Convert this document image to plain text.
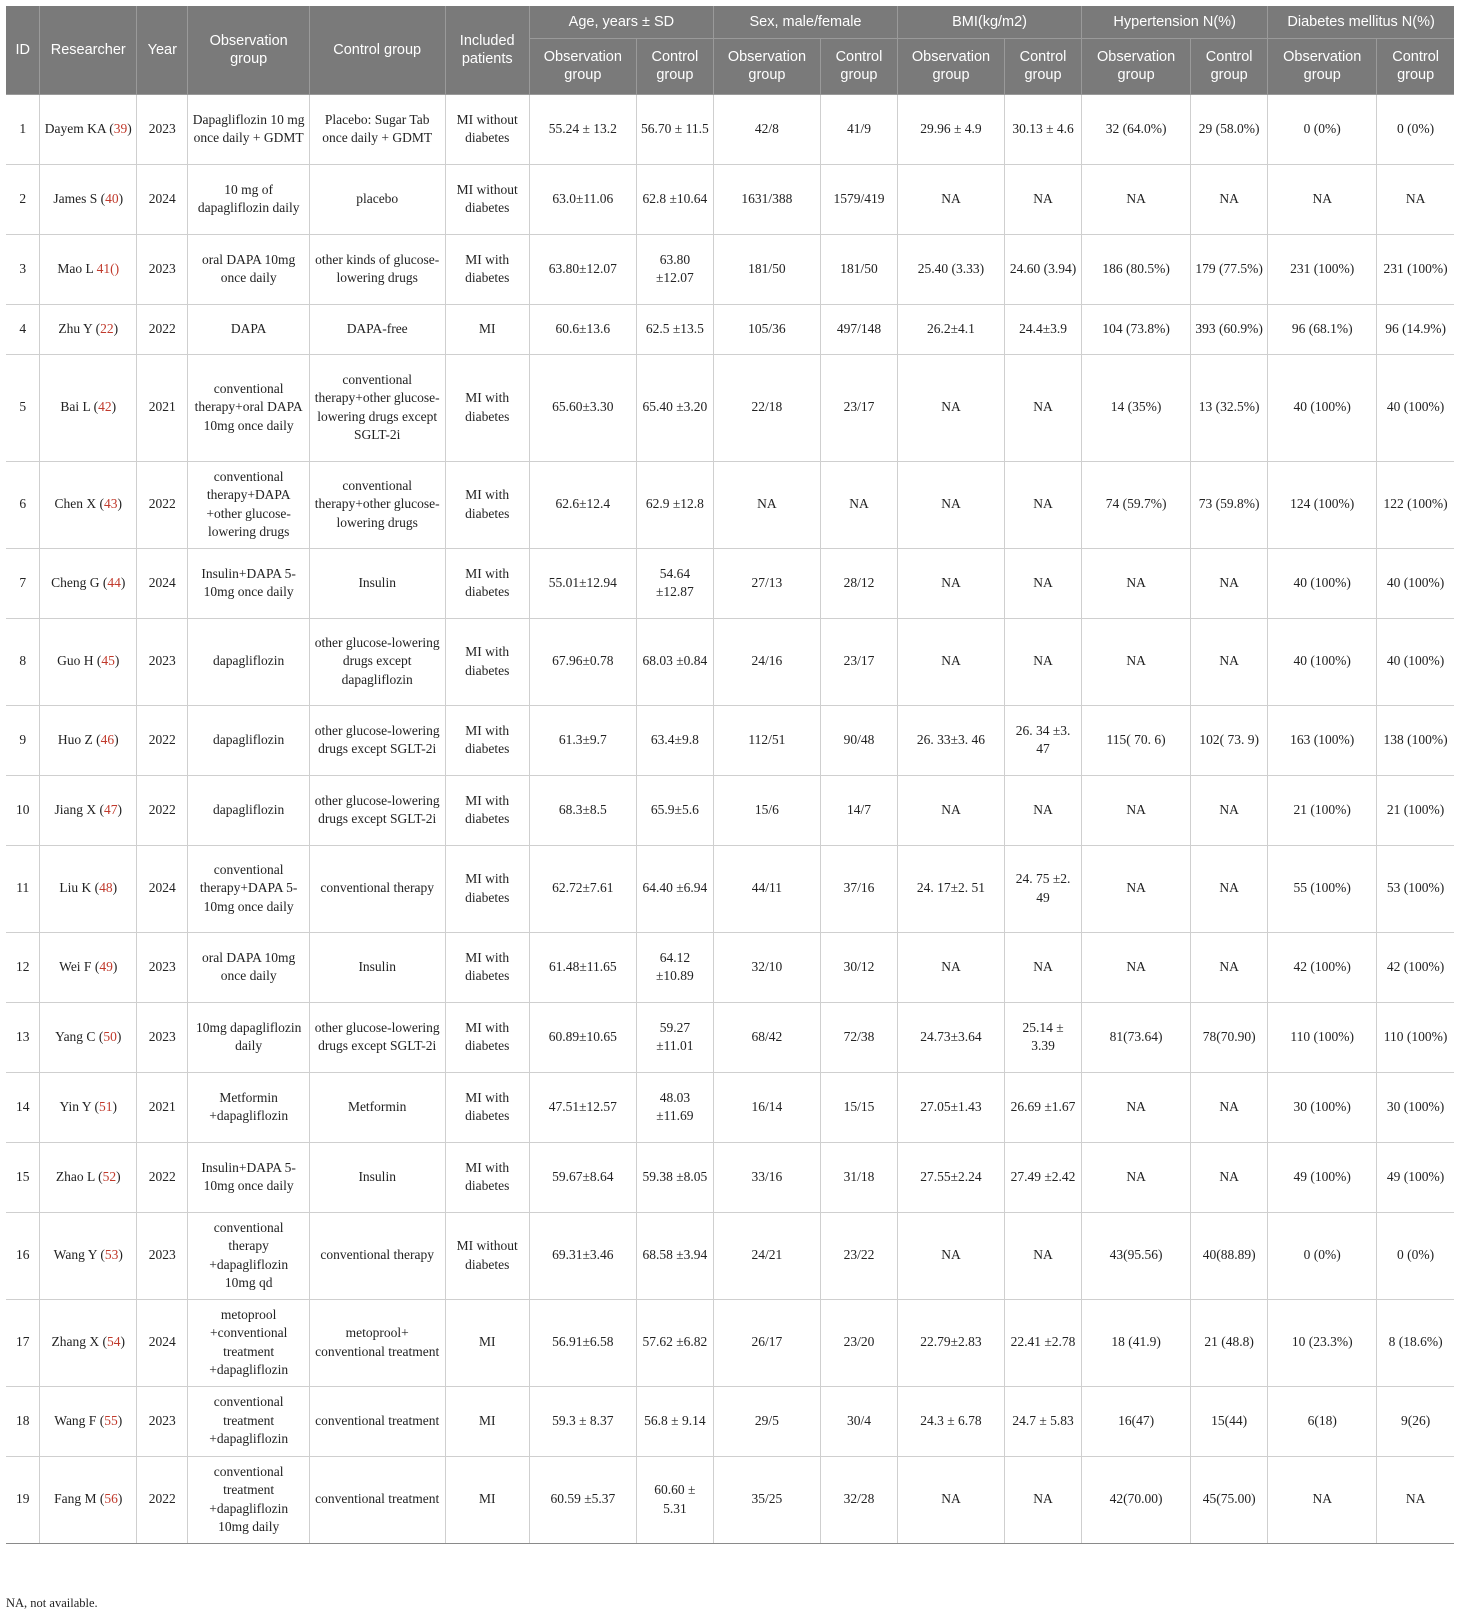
ID	Researcher	Year	Observation group	Control group	Included patients	Age, years ± SD		Sex, male/female		BMI(kg/m2)		Hypertension N(%)		Diabetes mellitus N(%)	
						Observation group	Control group	Observation group	Control group	Observation group	Control group	Observation group	Control group	Observation group	Control group
1	Dayem KA (39)	2023	Dapagliflozin 10 mg once daily + GDMT	Placebo: Sugar Tab once daily + GDMT	MI without diabetes	55.24 ± 13.2	56.70 ± 11.5	42/8	41/9	29.96 ± 4.9	30.13 ± 4.6	32 (64.0%)	29 (58.0%)	0 (0%)	0 (0%)
2	James S (40)	2024	10 mg of dapagliflozin daily	placebo	MI without diabetes	63.0±11.06	62.8 ±10.64	1631/388	1579/419	NA	NA	NA	NA	NA	NA
3	Mao L 41()	2023	oral DAPA 10mg once daily	other kinds of glucose-lowering drugs	MI with diabetes	63.80±12.07	63.80 ±12.07	181/50	181/50	25.40 (3.33)	24.60 (3.94)	186 (80.5%)	179 (77.5%)	231 (100%)	231 (100%)
4	Zhu Y (22)	2022	DAPA	DAPA-free	MI	60.6±13.6	62.5 ±13.5	105/36	497/148	26.2±4.1	24.4±3.9	104 (73.8%)	393 (60.9%)	96 (68.1%)	96 (14.9%)
5	Bai L (42)	2021	conventional therapy+oral DAPA 10mg once daily	conventional therapy+other glucose-lowering drugs except SGLT-2i	MI with diabetes	65.60±3.30	65.40 ±3.20	22/18	23/17	NA	NA	14 (35%)	13 (32.5%)	40 (100%)	40 (100%)
6	Chen X (43)	2022	conventional therapy+DAPA +other glucose-lowering drugs	conventional therapy+other glucose-lowering drugs	MI with diabetes	62.6±12.4	62.9 ±12.8	NA	NA	NA	NA	74 (59.7%)	73 (59.8%)	124 (100%)	122 (100%)
7	Cheng G (44)	2024	Insulin+DAPA 5-10mg once daily	Insulin	MI with diabetes	55.01±12.94	54.64 ±12.87	27/13	28/12	NA	NA	NA	NA	40 (100%)	40 (100%)
8	Guo H (45)	2023	dapagliflozin	other glucose-lowering drugs except dapagliflozin	MI with diabetes	67.96±0.78	68.03 ±0.84	24/16	23/17	NA	NA	NA	NA	40 (100%)	40 (100%)
9	Huo Z (46)	2022	dapagliflozin	other glucose-lowering drugs except SGLT-2i	MI with diabetes	61.3±9.7	63.4±9.8	112/51	90/48	26. 33±3. 46	26. 34 ±3. 47	115( 70. 6)	102( 73. 9)	163 (100%)	138 (100%)
10	Jiang X (47)	2022	dapagliflozin	other glucose-lowering drugs except SGLT-2i	MI with diabetes	68.3±8.5	65.9±5.6	15/6	14/7	NA	NA	NA	NA	21 (100%)	21 (100%)
11	Liu K (48)	2024	conventional therapy+DAPA 5-10mg once daily	conventional therapy	MI with diabetes	62.72±7.61	64.40 ±6.94	44/11	37/16	24. 17±2. 51	24. 75 ±2. 49	NA	NA	55 (100%)	53 (100%)
12	Wei F (49)	2023	oral DAPA 10mg once daily	Insulin	MI with diabetes	61.48±11.65	64.12 ±10.89	32/10	30/12	NA	NA	NA	NA	42 (100%)	42 (100%)
13	Yang C (50)	2023	10mg dapagliflozin daily	other glucose-lowering drugs except SGLT-2i	MI with diabetes	60.89±10.65	59.27 ±11.01	68/42	72/38	24.73±3.64	25.14 ± 3.39	81(73.64)	78(70.90)	110 (100%)	110 (100%)
14	Yin Y (51)	2021	Metformin +dapagliflozin	Metformin	MI with diabetes	47.51±12.57	48.03 ±11.69	16/14	15/15	27.05±1.43	26.69 ±1.67	NA	NA	30 (100%)	30 (100%)
15	Zhao L (52)	2022	Insulin+DAPA 5-10mg once daily	Insulin	MI with diabetes	59.67±8.64	59.38 ±8.05	33/16	31/18	27.55±2.24	27.49 ±2.42	NA	NA	49 (100%)	49 (100%)
16	Wang Y (53)	2023	conventional therapy +dapagliflozin 10mg qd	conventional therapy	MI without diabetes	69.31±3.46	68.58 ±3.94	24/21	23/22	NA	NA	43(95.56)	40(88.89)	0 (0%)	0 (0%)
17	Zhang X (54)	2024	metoprool +conventional treatment +dapagliflozin	metoprool+ conventional treatment	MI	56.91±6.58	57.62 ±6.82	26/17	23/20	22.79±2.83	22.41 ±2.78	18 (41.9)	21 (48.8)	10 (23.3%)	8 (18.6%)
18	Wang F (55)	2023	conventional treatment +dapagliflozin	conventional treatment	MI	59.3 ± 8.37	56.8 ± 9.14	29/5	30/4	24.3 ± 6.78	24.7 ± 5.83	16(47)	15(44)	6(18)	9(26)
19	Fang M (56)	2022	conventional treatment +dapagliflozin 10mg daily	conventional treatment	MI	60.59 ±5.37	60.60 ± 5.31	35/25	32/28	NA	NA	42(70.00)	45(75.00)	NA	NA
NA, not available.
